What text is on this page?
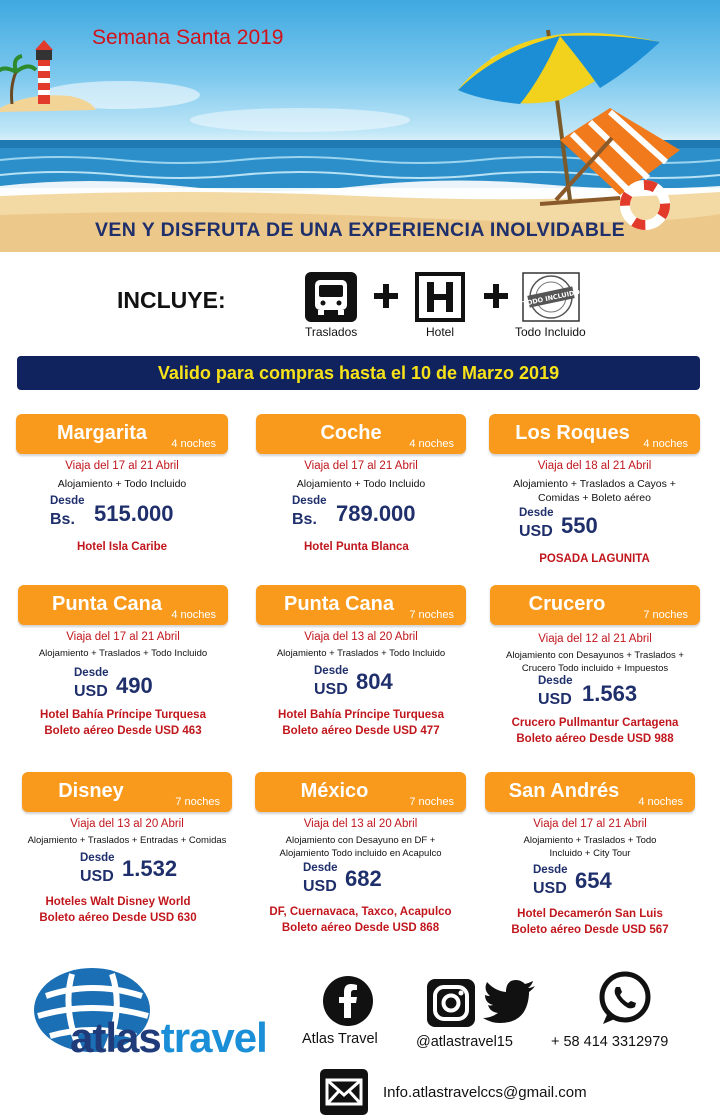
Semana Santa 2019
VEN Y DISFRUTA DE UNA EXPERIENCIA INOLVIDABLE
INCLUYE:	TODO INCLUIDO
Traslados	Hotel	Todo Incluido
Valido para compras hasta el 10 de Marzo 2019
Margarita	4 noches
Viaja del 17 al 21 Abril
Alojamiento + Todo Incluido
Desde
Bs. 515.000
Hotel Isla Caribe
Coche	4 noches
Viaja del 17 al 21 Abril
Alojamiento + Todo Incluido
Desde
Bs. 789.000
Hotel Punta Blanca
Los Roques	4 noches
Viaja del 18 al 21 Abril
Alojamiento + Traslados a Cayos + Comidas + Boleto aéreo
Desde
USD 550
POSADA LAGUNITA
Punta Cana 4 noches
Viaja del 17 al 21 Abril
Alojamiento + Traslados + Todo Incluido
Desde
USD 490
Hotel Bahía Príncipe Turquesa
Boleto aéreo Desde USD 463
Punta Cana	7 noches
Viaja del 13 al 20 Abril
Alojamiento + Traslados + Todo Incluido
Desde
USD 804
Hotel Bahía Príncipe Turquesa
Boleto aéreo Desde USD 477
Crucero	7 noches
Viaja del 12 al 21 Abril
Alojamiento con Desayunos + Traslados + Crucero Todo incluido + Impuestos
Desde
USD 1.563
Crucero Pullmantur Cartagena
Boleto aéreo Desde USD 988
Disney	7 noches
Viaja del 13 al 20 Abril
Alojamiento + Traslados + Entradas + Comidas
Desde
USD 1.532
Hoteles Walt Disney World
Boleto aéreo Desde USD 630
México	7 noches
Viaja del 13 al 20 Abril
Alojamiento con Desayuno en DF + Alojamiento Todo incluido en Acapulco
Desde
USD 682
DF, Cuernavaca, Taxco, Acapulco
Boleto aéreo Desde USD 868
San Andrés	4 noches
Viaja del 17 al 21 Abril
Alojamiento + Traslados + Todo Incluido + City Tour
Desde
USD 654
Hotel Decamerón San Luis
Boleto aéreo Desde USD 567
atlastravel Atlas Travel	@atlastravel15	+ 58 414 3312979
Info.atlastravelccs@gmail.com
